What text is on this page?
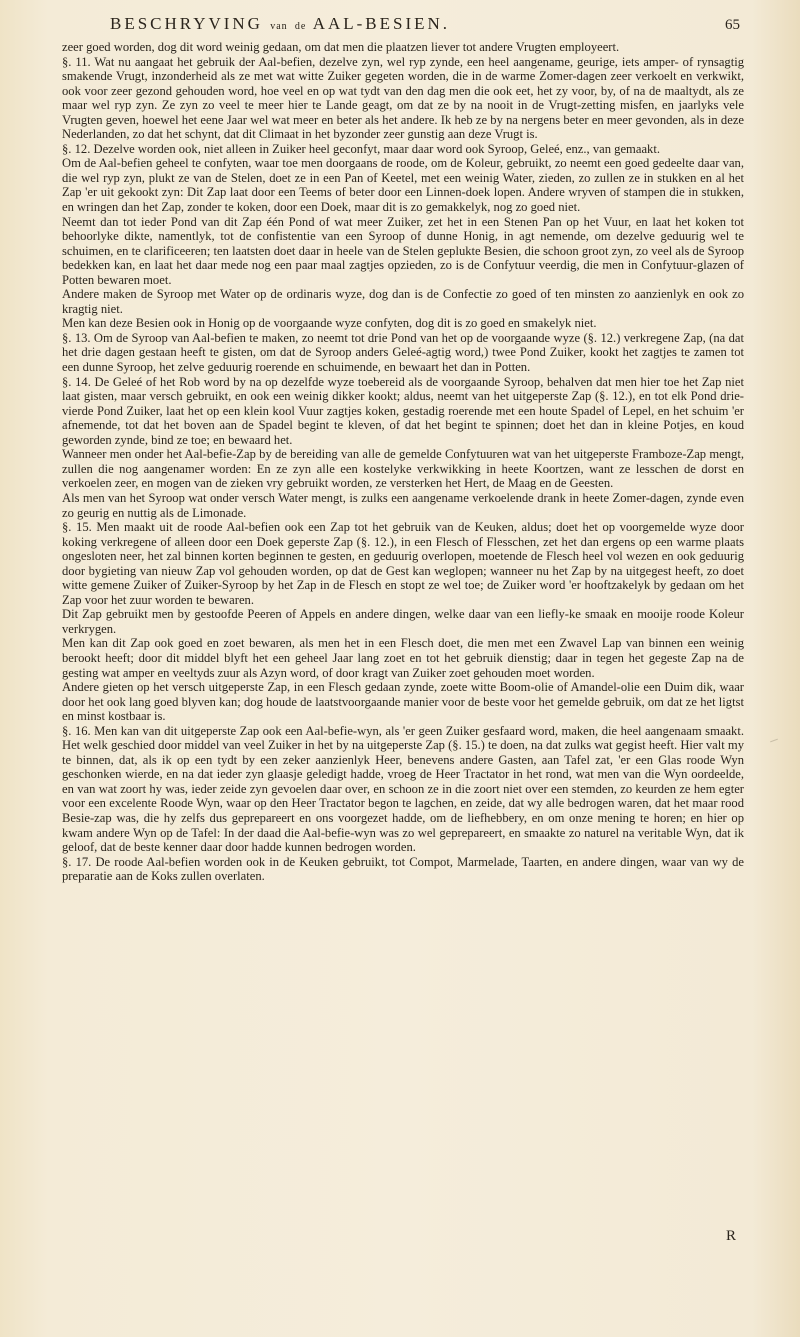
BESCHRYVING van de AAL-BESIEN.	65

zeer goed worden, dog dit word weinig gedaan, om dat men die plaatzen liever tot andere Vrugten employeert.

§. 11. Wat nu aangaat het gebruik der Aal-befien, dezelve zyn, wel ryp zynde, een heel aangename, geurige, iets amper- of rynsagtig smakende Vrugt, inzonderheid als ze met wat witte Zuiker gegeten worden, die in de warme Zomer-dagen zeer verkoelt en verkwikt, ook voor zeer gezond gehouden word, hoe veel en op wat tydt van den dag men die ook eet, het zy voor, by, of na de maaltydt, als ze maar wel ryp zyn. Ze zyn zo veel te meer hier te Lande geagt, om dat ze by na nooit in de Vrugt-zetting misfen, en jaarlyks vele Vrugten geven, hoewel het eene Jaar wel wat meer en beter als het andere. Ik heb ze by na nergens beter en meer gevonden, als in deze Nederlanden, zo dat het schynt, dat dit Climaat in het byzonder zeer gunstig aan deze Vrugt is.

§. 12. Dezelve worden ook, niet alleen in Zuiker heel geconfyt, maar daar word ook Syroop, Geleé, enz., van gemaakt.

Om de Aal-befien geheel te confyten, waar toe men doorgaans de roode, om de Koleur, gebruikt, zo neemt een goed gedeelte daar van, die wel ryp zyn, plukt ze van de Stelen, doet ze in een Pan of Keetel, met een weinig Water, zieden, zo zullen ze in stukken en al het Zap 'er uit gekookt zyn: Dit Zap laat door een Teems of beter door een Linnen-doek lopen. Andere wryven of stampen die in stukken, en wringen dan het Zap, zonder te koken, door een Doek, maar dit is zo gemakkelyk, nog zo goed niet.

Neemt dan tot ieder Pond van dit Zap één Pond of wat meer Zuiker, zet het in een Stenen Pan op het Vuur, en laat het koken tot behoorlyke dikte, namentlyk, tot de confistentie van een Syroop of dunne Honig, in agt nemende, om dezelve geduurig wel te schuimen, en te clarificeeren; ten laatsten doet daar in heele van de Stelen geplukte Besien, die schoon groot zyn, zo veel als de Syroop bedekken kan, en laat het daar mede nog een paar maal zagtjes opzieden, zo is de Confytuur veerdig, die men in Confytuur-glazen of Potten bewaren moet.

Andere maken de Syroop met Water op de ordinaris wyze, dog dan is de Confectie zo goed of ten minsten zo aanzienlyk en ook zo kragtig niet.

Men kan deze Besien ook in Honig op de voorgaande wyze confyten, dog dit is zo goed en smakelyk niet.

§. 13. Om de Syroop van Aal-befien te maken, zo neemt tot drie Pond van het op de voorgaande wyze (§. 12.) verkregene Zap, (na dat het drie dagen gestaan heeft te gisten, om dat de Syroop anders Geleé-agtig word,) twee Pond Zuiker, kookt het zagtjes te zamen tot een dunne Syroop, het zelve geduurig roerende en schuimende, en bewaart het dan in Potten.

§. 14. De Geleé of het Rob word by na op dezelfde wyze toebereid als de voorgaande Syroop, behalven dat men hier toe het Zap niet laat gisten, maar versch gebruikt, en ook een weinig dikker kookt; aldus, neemt van het uitgeperste Zap (§. 12.), en tot elk Pond drie-vierde Pond Zuiker, laat het op een klein kool Vuur zagtjes koken, gestadig roerende met een houte Spadel of Lepel, en het schuim 'er afnemende, tot dat het boven aan de Spadel begint te kleven, of dat het begint te spinnen; doet het dan in kleine Potjes, en koud geworden zynde, bind ze toe; en bewaard het.

Wanneer men onder het Aal-befie-Zap by de bereiding van alle de gemelde Confytuuren wat van het uitgeperste Framboze-Zap mengt, zullen die nog aangenamer worden: En ze zyn alle een kostelyke verkwikking in heete Koortzen, want ze lesschen de dorst en verkoelen zeer, en mogen van de zieken vry gebruikt worden, ze versterken het Hert, de Maag en de Geesten.

Als men van het Syroop wat onder versch Water mengt, is zulks een aangename verkoelende drank in heete Zomer-dagen, zynde even zo geurig en nuttig als de Limonade.

§. 15. Men maakt uit de roode Aal-befien ook een Zap tot het gebruik van de Keuken, aldus; doet het op voorgemelde wyze door koking verkregene of alleen door een Doek geperste Zap (§. 12.), in een Flesch of Flesschen, zet het dan ergens op een warme plaats ongesloten neer, het zal binnen korten beginnen te gesten, en geduurig overlopen, moetende de Flesch heel vol wezen en ook geduurig door bygieting van nieuw Zap vol gehouden worden, op dat de Gest kan weglopen; wanneer nu het Zap by na uitgegest heeft, zo doet witte gemene Zuiker of Zuiker-Syroop by het Zap in de Flesch en stopt ze wel toe; de Zuiker word 'er hooftzakelyk by gedaan om het Zap voor het zuur worden te bewaren.

Dit Zap gebruikt men by gestoofde Peeren of Appels en andere dingen, welke daar van een liefly-ke smaak en mooije roode Koleur verkrygen.

Men kan dit Zap ook goed en zoet bewaren, als men het in een Flesch doet, die men met een Zwavel Lap van binnen een weinig berookt heeft; door dit middel blyft het een geheel Jaar lang zoet en tot het gebruik dienstig; daar in tegen het gegeste Zap na de gesting wat amper en veeltyds zuur als Azyn word, of door kragt van Zuiker zoet gehouden moet worden.

Andere gieten op het versch uitgeperste Zap, in een Flesch gedaan zynde, zoete witte Boom-olie of Amandel-olie een Duim dik, waar door het ook lang goed blyven kan; dog houde de laatstvoorgaande manier voor de beste voor het gemelde gebruik, om dat ze het ligtst en minst kostbaar is.

§. 16. Men kan van dit uitgeperste Zap ook een Aal-befie-wyn, als 'er geen Zuiker gesfaard word, maken, die heel aangenaam smaakt. Het welk geschied door middel van veel Zuiker in het by na uitgeperste Zap (§. 15.) te doen, na dat zulks wat gegist heeft. Hier valt my te binnen, dat, als ik op een tydt by een zeker aanzienlyk Heer, benevens andere Gasten, aan Tafel zat, 'er een Glas roode Wyn geschonken wierde, en na dat ieder zyn glaasje geledigt hadde, vroeg de Heer Tractator in het rond, wat men van die Wyn oordeelde, en van wat zoort hy was, ieder zeide zyn gevoelen daar over, en schoon ze in die zoort niet over een stemden, zo keurden ze hem egter voor een excelente Roode Wyn, waar op den Heer Tractator begon te lagchen, en zeide, dat wy alle bedrogen waren, dat het maar rood Besie-zap was, die hy zelfs dus geprepareert en ons voorgezet hadde, om de liefhebbery, en om onze mening te horen; en hier op kwam andere Wyn op de Tafel: In der daad die Aal-befie-wyn was zo wel geprepareert, en smaakte zo naturel na veritable Wyn, dat ik geloof, dat de beste kenner daar door hadde kunnen bedrogen worden.

§. 17. De roode Aal-befien worden ook in de Keuken gebruikt, tot Compot, Marmelade, Taarten, en andere dingen, waar van wy de preparatie aan de Koks zullen overlaten.

R
